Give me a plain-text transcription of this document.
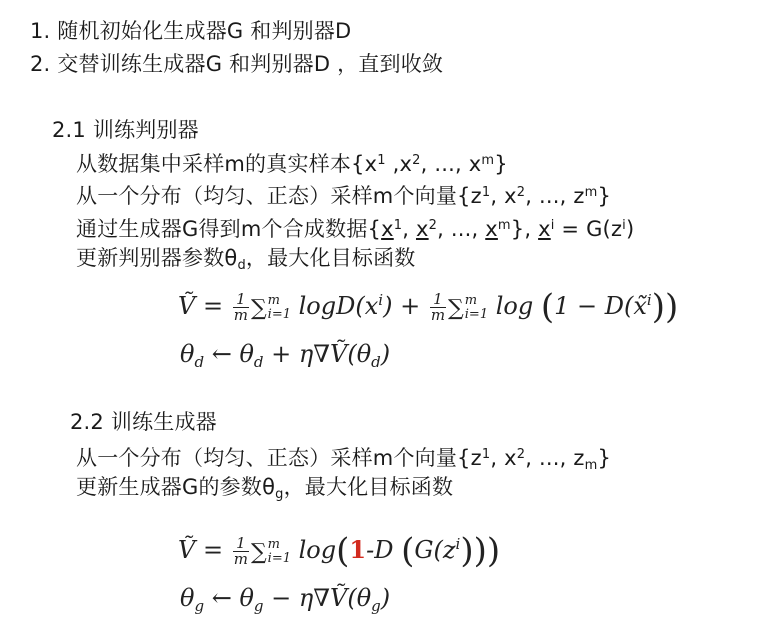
1. 随机初始化生成器G 和判别器D
2. 交替训练生成器G 和判别器D ，直到收敛
2.1 训练判别器
从数据集中采样m的真实样本{$x^1$ $,x^2$, ..., $x^m$}
从一个分布（均匀、正态）采样m个向量{$z^1$, $x^2$, ..., $z^m$}
通过生成器G得到m个合成数据{$x^1$, $x^2$, ..., $x^m$}, $x^i = G(z^i)$
更新判别器参数$\theta_d$，最大化目标函数
Ṽ = $\frac{1}{m}$ ∑ m
i=1 $\log D(x^i) + \frac{1}{m}$ ∑ m
i=1 log (1 − D(x̃$^i$))
$\theta_d$ ← $\theta_d$ + $\eta\nabla Ṽ(\theta_d)$
2.2 训练生成器
从一个分布（均匀、正态）采样m个向量{$z^1$, $x^2$, ..., $z_m$}
更新生成器G的参数$\theta_g$，最大化目标函数
Ṽ = $\frac{1}{m}$ ∑ m
i=1 log(1-D $(G(z^i))$)
$\theta_g$ ← $\theta_g$ − $\eta\nabla Ṽ(\theta_g)$
